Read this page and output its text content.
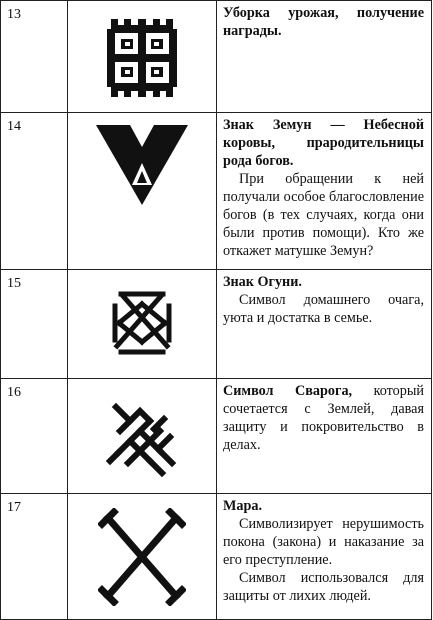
13		Уборка урожая, получение награды.

14		Знак Земун — Небесной коровы, прародительницы рода богов.

При обращении к ней получали особое благословление богов (в тех случаях, когда они были против помощи). Кто же откажет матушке Земун?

15		Знак Огуни.

Символ домашнего очага, уюта и достатка в семье.

16		Символ Сварога, который сочетается с Землей, давая защиту и покровительство в делах.

17		Мара.

Символизирует нерушимость покона (закона) и наказание за его преступление.

Символ использовался для защиты от лихих людей.
